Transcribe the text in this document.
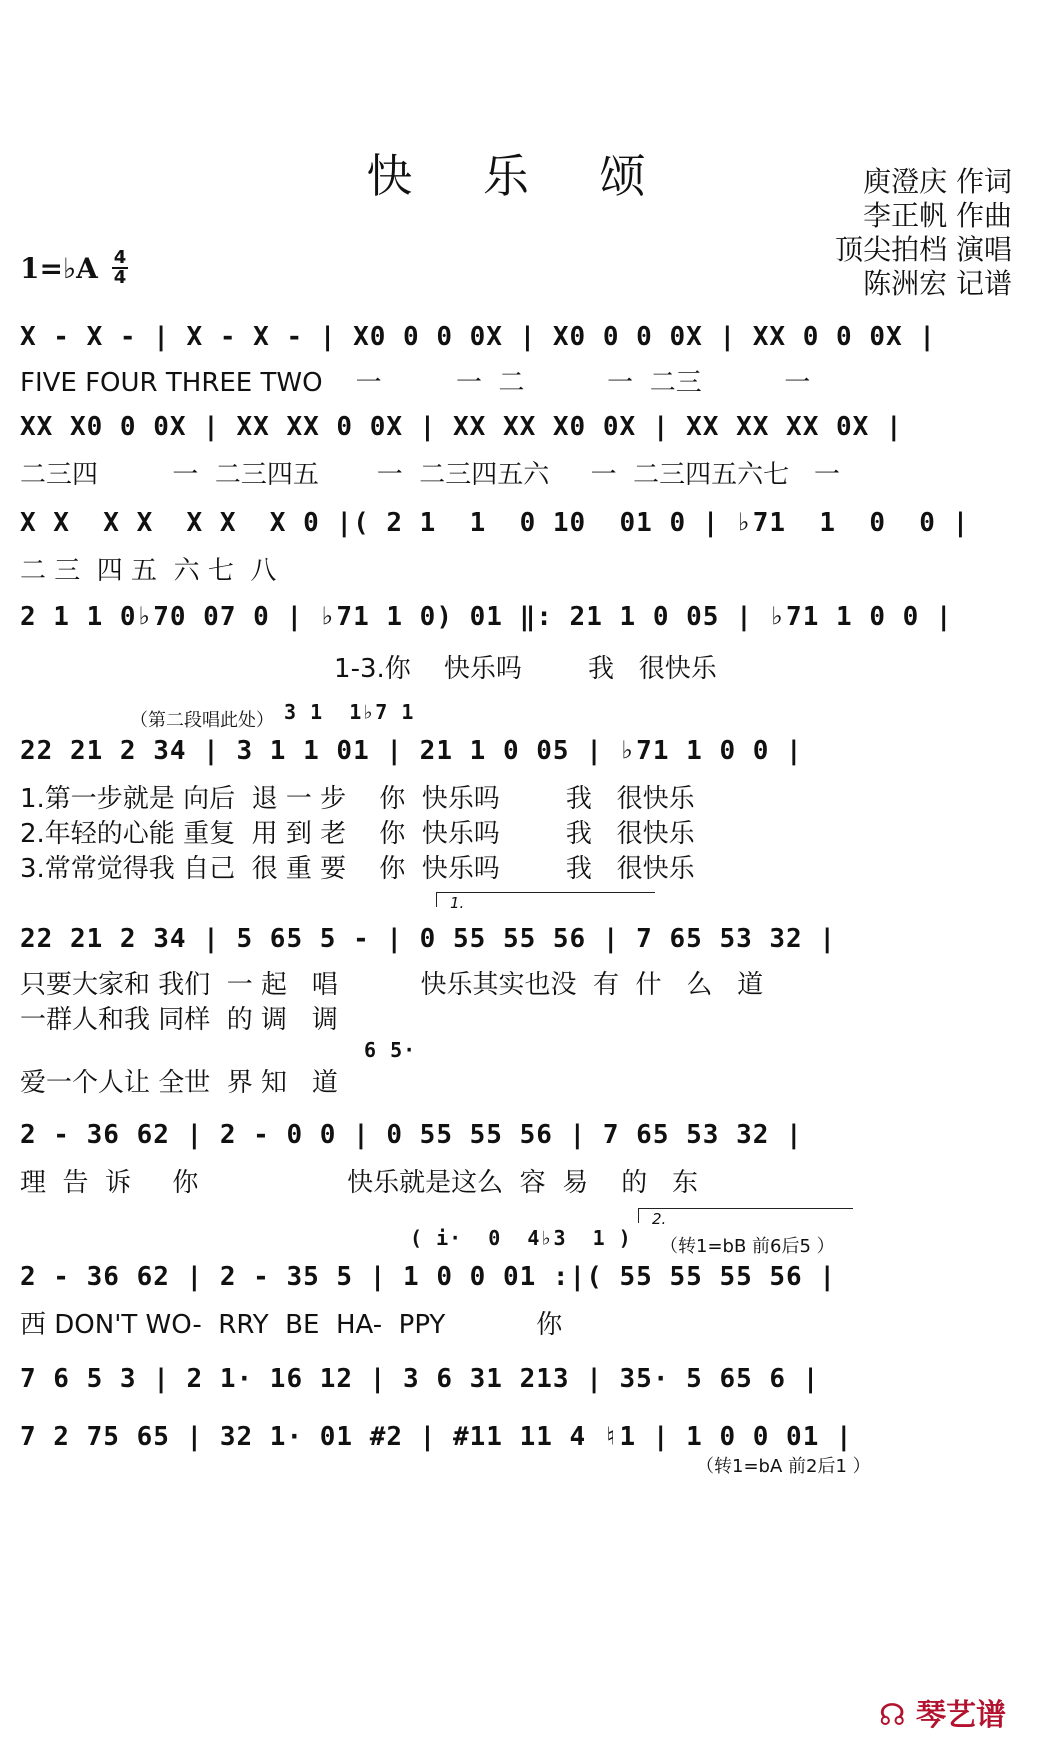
快 乐 颂	庾澄庆 作词
李正帆 作曲
顶尖拍档 演唱
陈洲宏 记谱
1=♭A 4
4
X - X - | X - X - | X0 0 0 0X | X0 0 0 0X | XX 0 0 0X |
FIVE FOUR THREE TWO    一         一  二          一  二三          一
XX X0 0 0X | XX XX 0 0X | XX XX X0 0X | XX XX XX 0X |
二三四         一  二三四五       一  二三四五六     一  二三四五六七   一
X X  X X  X X  X 0 |( 2 1  1  0 10  01 0 | ♭71  1  0  0 |
二 三  四 五  六 七  八
2 1 1 0♭70 07 0 | ♭71 1 0) 01 ‖: 21 1 0 05 | ♭71 1 0 0 |
1-3.你    快乐吗        我   很快乐
（第二段唱此处） 3 1  1♭7 1
22 21 2 34 | 3 1 1 01 | 21 1 0 05 | ♭71 1 0 0 |
1.第一步就是 向后  退 一 步    你  快乐吗        我   很快乐
2.年轻的心能 重复  用 到 老    你  快乐吗        我   很快乐
3.常常觉得我 自己  很 重 要    你  快乐吗        我   很快乐
1.
22 21 2 34 | 5 65 5 - | 0 55 55 56 | 7 65 53 32 |
只要大家和 我们  一 起   唱          快乐其实也没  有  什   么   道
一群人和我 同样  的 调   调
6 5·
爱一个人让 全世  界 知   道
2 - 36 62 | 2 - 0 0 | 0 55 55 56 | 7 65 53 32 |
理  告  诉     你                  快乐就是这么  容  易    的   东
( i·  0  4♭3  1 )
2.
（转1=bB 前6后5 ）
2 - 36 62 | 2 - 35 5 | 1 0 0 01 :|( 55 55 55 56 |
西 DON'T WO-  RRY  BE  HA-  PPY           你
7 6 5 3 | 2 1· 16 12 | 3 6 31 213 | 35· 5 65 6 |
7 2 75 65 | 32 1· 01 #2 | #11 11 4 ♮1 | 1 0 0 01 |
（转1=bA 前2后1 ）
☊ 琴艺谱
